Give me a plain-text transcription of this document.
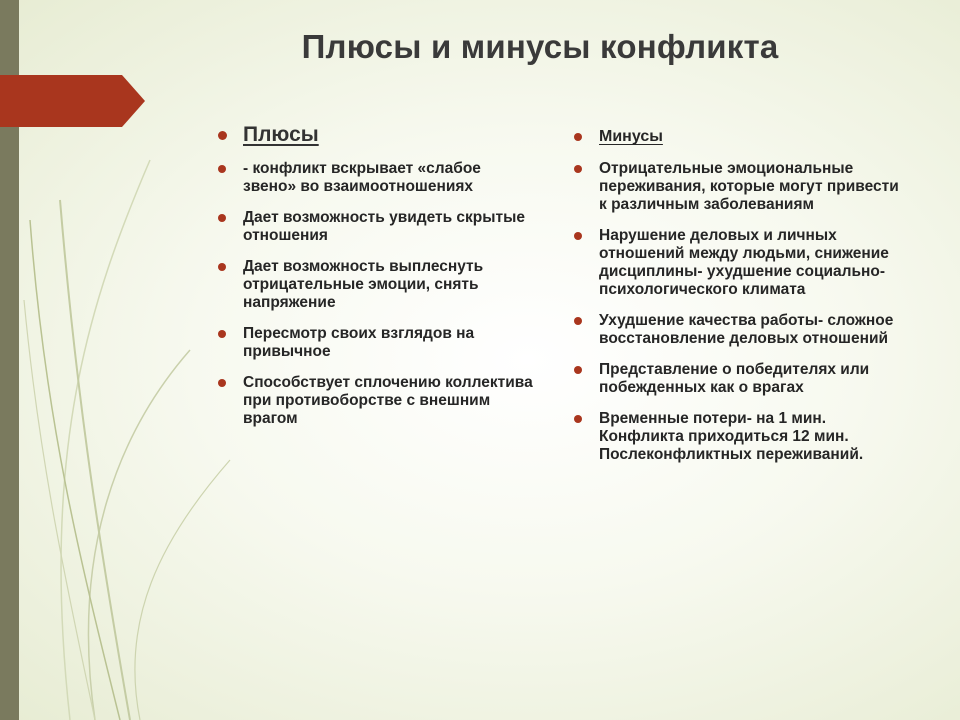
Плюсы и минусы конфликта
Плюсы
- конфликт вскрывает «слабое звено» во взаимоотношениях
Дает возможность увидеть скрытые отношения
Дает возможность выплеснуть отрицательные эмоции, снять напряжение
Пересмотр своих взглядов на привычное
Способствует сплочению коллектива при противоборстве с внешним врагом
Минусы
Отрицательные эмоциональные переживания, которые могут привести к различным заболеваниям
Нарушение деловых и личных отношений между людьми, снижение дисциплины- ухудшение социально-психологического климата
Ухудшение качества работы- сложное восстановление деловых отношений
Представление о победителях или побежденных как о врагах
Временные потери- на 1 мин. Конфликта приходиться 12 мин. Послеконфликтных переживаний.
